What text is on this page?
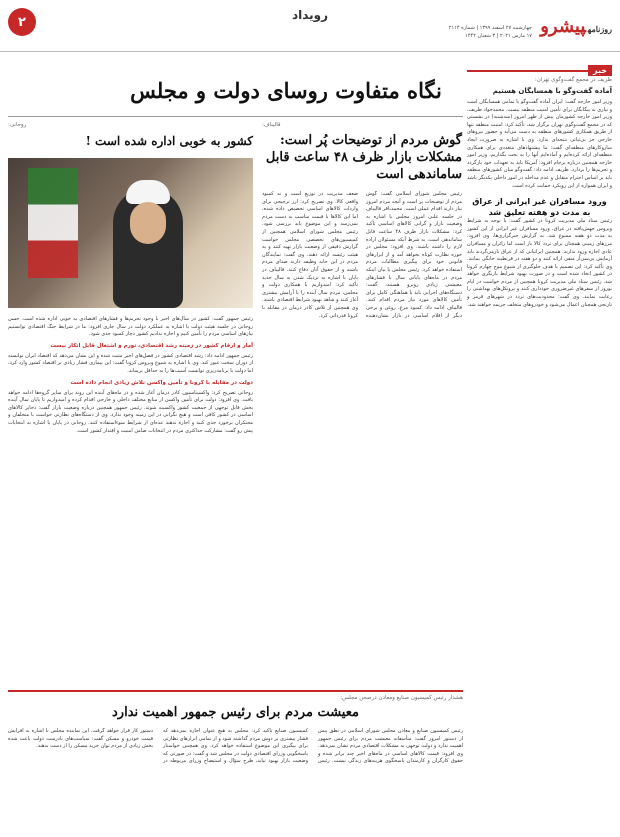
۲	رویداد
چهارشنبه ۲۷ اسفند ۱۳۹۹ | شماره ۲۱۱۴
۱۷ مارس ۲۰۲۱ | ۳ شعبان ۱۴۴۲
روزنامهپیشرو
خبر
ظریف در مجمع گفت‌وگوی تهران:
آماده گفت‌وگو با همسایگان هستیم
وزیر امور خارجه گفت: ایران آماده گفت‌وگو با تمامی همسایگان است و نیازی به بیگانگان برای تأمین امنیت منطقه نیست. محمدجواد ظریف، وزیر امور خارجه کشورمان پیش از ظهر امروز (سه‌شنبه) در نشستی که در مجمع گفت‌وگوی تهران برگزار شد، تأکید کرد: امنیت منطقه تنها از طریق همکاری کشورهای منطقه به دست می‌آید و حضور نیروهای خارجی جز بی‌ثباتی نتیجه‌ای ندارد. وی با اشاره به ضرورت ایجاد سازوکارهای منطقه‌ای گفت: ما پیشنهادهای متعددی برای همکاری منطقه‌ای ارائه کرده‌ایم و آماده‌ایم آنها را به بحث بگذاریم. وزیر امور خارجه همچنین درباره برجام افزود: آمریکا باید به تعهدات خود بازگردد و تحریم‌ها را بردارد. ظریف ادامه داد: گفت‌وگو میان کشورهای منطقه باید بر اساس احترام متقابل و عدم مداخله در امور داخلی یکدیگر باشد و ایران همواره از این رویکرد حمایت کرده است.
ورود مسافران غیر ایرانی از عراق به مدت دو هفته تعلیق شد
رئیس ستاد ملی مدیریت کرونا در کشور گفت: با توجه به شرایط ویروس جهش‌یافته در عراق، ورود مسافران غیر ایرانی از این کشور به مدت دو هفته ممنوع شد. به گزارش خبرگزاری‌ها، وی افزود: مرزهای زمینی همچنان برای تردد کالا باز است اما زائران و مسافران عادی اجازه ورود ندارند. همچنین ایرانیانی که از عراق بازمی‌گردند باید آزمایش پی‌سی‌آر منفی ارائه کنند و دو هفته در قرنطینه خانگی بمانند. وی تأکید کرد: این تصمیم با هدف جلوگیری از شیوع موج چهارم کرونا در کشور اتخاذ شده است و در صورت بهبود شرایط بازنگری خواهد شد. رئیس ستاد ملی مدیریت کرونا همچنین از مردم خواست در ایام نوروز از سفرهای غیرضروری خودداری کنند و پروتکل‌های بهداشتی را رعایت نمایند. وی گفت: محدودیت‌های تردد در شهرهای قرمز و نارنجی همچنان اعمال می‌شود و خودروهای متخلف جریمه خواهند شد.
نگاه متفاوت روسای دولت و مجلس
قالیباف:
گوش مردم از توضیحات پُر است: مشکلات بازار ظرف ۴۸ ساعت قابل ساماندهی است
رئیس مجلس شورای اسلامی گفت: گوش مردم از توضیحات پر است و آنچه مردم امروز نیاز دارند اقدام عملی است. محمدباقر قالیباف در جلسه علنی امروز مجلس با اشاره به وضعیت بازار و گرانی کالاهای اساسی تأکید کرد: مشکلات بازار ظرف ۴۸ ساعت قابل ساماندهی است، به شرط آنکه مسئولان اراده لازم را داشته باشند. وی افزود: مجلس در حوزه نظارت کوتاه نخواهد آمد و از ابزارهای قانونی خود برای پیگیری مطالبات مردم استفاده خواهد کرد. رئیس مجلس با بیان اینکه مردم در ماه‌های پایانی سال با فشارهای معیشتی زیادی روبرو هستند، گفت: دستگاه‌های اجرایی باید با هماهنگی کامل برای تأمین کالاهای مورد نیاز مردم اقدام کنند. قالیباف ادامه داد: کمبود مرغ، روغن و برخی دیگر از اقلام اساسی در بازار نشان‌دهنده ضعف مدیریت در توزیع است و نه کمبود واقعی کالا. وی تصریح کرد: ارز ترجیحی برای واردات کالاهای اساسی تخصیص داده شده، اما این کالاها با قیمت مناسب به دست مردم نمی‌رسد و این موضوع باید بررسی شود. رئیس مجلس شورای اسلامی همچنین از کمیسیون‌های تخصصی مجلس خواست گزارش دقیقی از وضعیت بازار تهیه کنند و به هیئت رئیسه ارائه دهند. وی گفت: نمایندگان مردم در این خانه وظیفه دارند صدای مردم باشند و از حقوق آنان دفاع کنند. قالیباف در پایان با اشاره به نزدیک شدن به سال جدید تأکید کرد: امیدواریم با همکاری دولت و مجلس، مردم سال آینده را با آرامش بیشتری آغاز کنند و شاهد بهبود شرایط اقتصادی باشند. وی همچنین از تلاش کادر درمان در مقابله با کرونا قدردانی کرد.
روحانی:
کشور به خوبی اداره شده است !
رئیس جمهور گفت: کشور در سال‌های اخیر با وجود تحریم‌ها و فشارهای اقتصادی به خوبی اداره شده است. حسن روحانی در جلسه هیئت دولت با اشاره به عملکرد دولت در سال جاری افزود: ما در شرایط جنگ اقتصادی توانستیم نیازهای اساسی مردم را تأمین کنیم و اجازه ندادیم کشور دچار کمبود جدی شود.
آمار و ارقام کشور در زمینه رشد اقتصادی، تورم و اشتغال قابل انکار نیست
رئیس جمهور ادامه داد: رشد اقتصادی کشور در فصل‌های اخیر مثبت شده و این نشان می‌دهد که اقتصاد ایران توانسته از دوران سخت عبور کند. وی با اشاره به شیوع ویروس کرونا گفت: این بیماری فشار زیادی بر اقتصاد کشور وارد کرد، اما دولت با برنامه‌ریزی توانست آسیب‌ها را به حداقل برساند.
دولت در مقابله با کرونا و تأمین واکسن تلاش زیادی انجام داده است
روحانی تصریح کرد: واکسیناسیون کادر درمان آغاز شده و در ماه‌های آینده این روند برای سایر گروه‌ها ادامه خواهد یافت. وی افزود: دولت برای تأمین واکسن از منابع مختلف داخلی و خارجی اقدام کرده و امیدواریم تا پایان سال آینده بخش قابل توجهی از جمعیت کشور واکسینه شوند. رئیس جمهور همچنین درباره وضعیت بازار گفت: ذخایر کالاهای اساسی در کشور کافی است و هیچ نگرانی در این زمینه وجود ندارد. وی از دستگاه‌های نظارتی خواست با متخلفان و محتکران برخورد جدی کنند و اجازه ندهند عده‌ای از شرایط سوءاستفاده کنند. روحانی در پایان با اشاره به انتخابات پیش رو گفت: مشارکت حداکثری مردم در انتخابات ضامن امنیت و اقتدار کشور است.
هشدار رئیس کمیسیون صنایع ومعادن درصحن مجلس:
معیشت مردم برای رئیس جمهور اهمیت ندارد
رئیس کمیسیون صنایع و معادن مجلس شورای اسلامی در نطق پیش از دستور امروز گفت: متأسفانه معیشت مردم برای رئیس جمهور اهمیت ندارد و دولت توجهی به مشکلات اقتصادی مردم نشان نمی‌دهد. وی افزود: قیمت کالاهای اساسی در ماه‌های اخیر چند برابر شده و حقوق کارگران و کارمندان پاسخگوی هزینه‌های زندگی نیست. رئیس کمیسیون صنایع تأکید کرد: مجلس به هیچ عنوان اجازه نمی‌دهد که فشار بیشتری بر دوش مردم گذاشته شود و از تمامی ابزارهای نظارتی برای پیگیری این موضوع استفاده خواهد کرد. وی همچنین خواستار پاسخگویی وزرای اقتصادی دولت در مجلس شد و گفت: در صورتی که وضعیت بازار بهبود نیابد، طرح سؤال و استیضاح وزرای مربوطه در دستور کار قرار خواهد گرفت. این نماینده مجلس با اشاره به افزایش قیمت خودرو و مسکن گفت: سیاست‌های نادرست دولت باعث شده بخش زیادی از مردم توان خرید مسکن را از دست بدهند.
